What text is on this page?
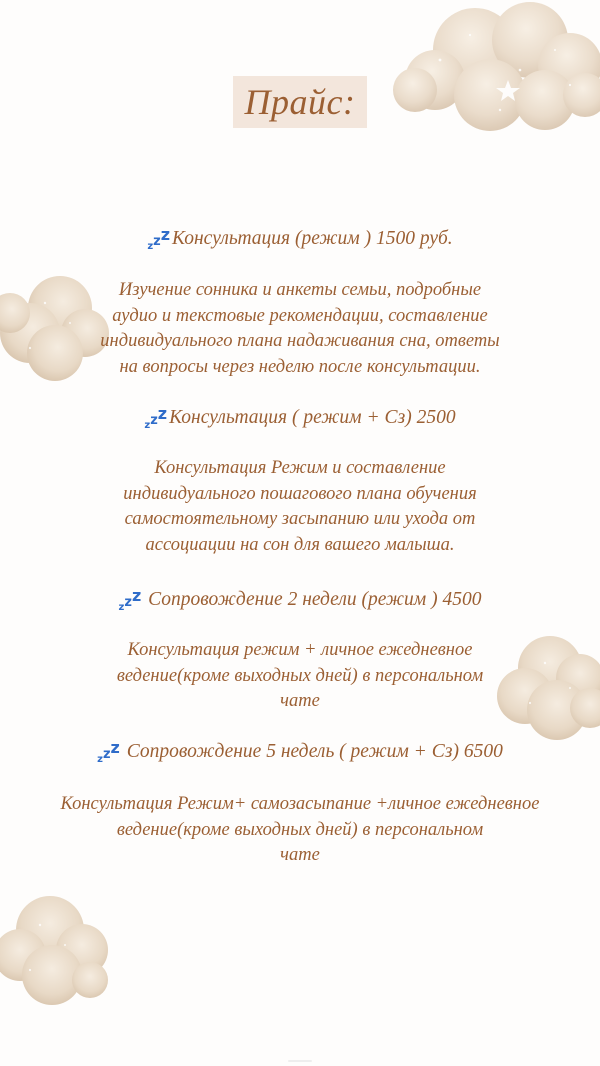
Прайс:
zzz Консультация (режим ) 1500 руб.
Изучение сонника и анкеты семьи, подробные
аудио и текстовые рекомендации, составление
индивидуального плана надаживания сна, ответы
на вопросы через неделю после консультации.
zzz Консультация ( режим + Сз) 2500
Консультация Режим и составление
индивидуального пошагового плана обучения
самостоятельному засыпанию или ухода от
ассоциации на сон для вашего малыша.
zzz Сопровождение 2 недели (режим ) 4500
Консультация режим + личное ежедневное
ведение(кроме выходных дней) в персональном
чате
zzz Сопровождение 5 недель ( режим + Сз) 6500
Консультация Режим+ самозасыпание +личное ежедневное
ведение(кроме выходных дней) в персональном
чате
